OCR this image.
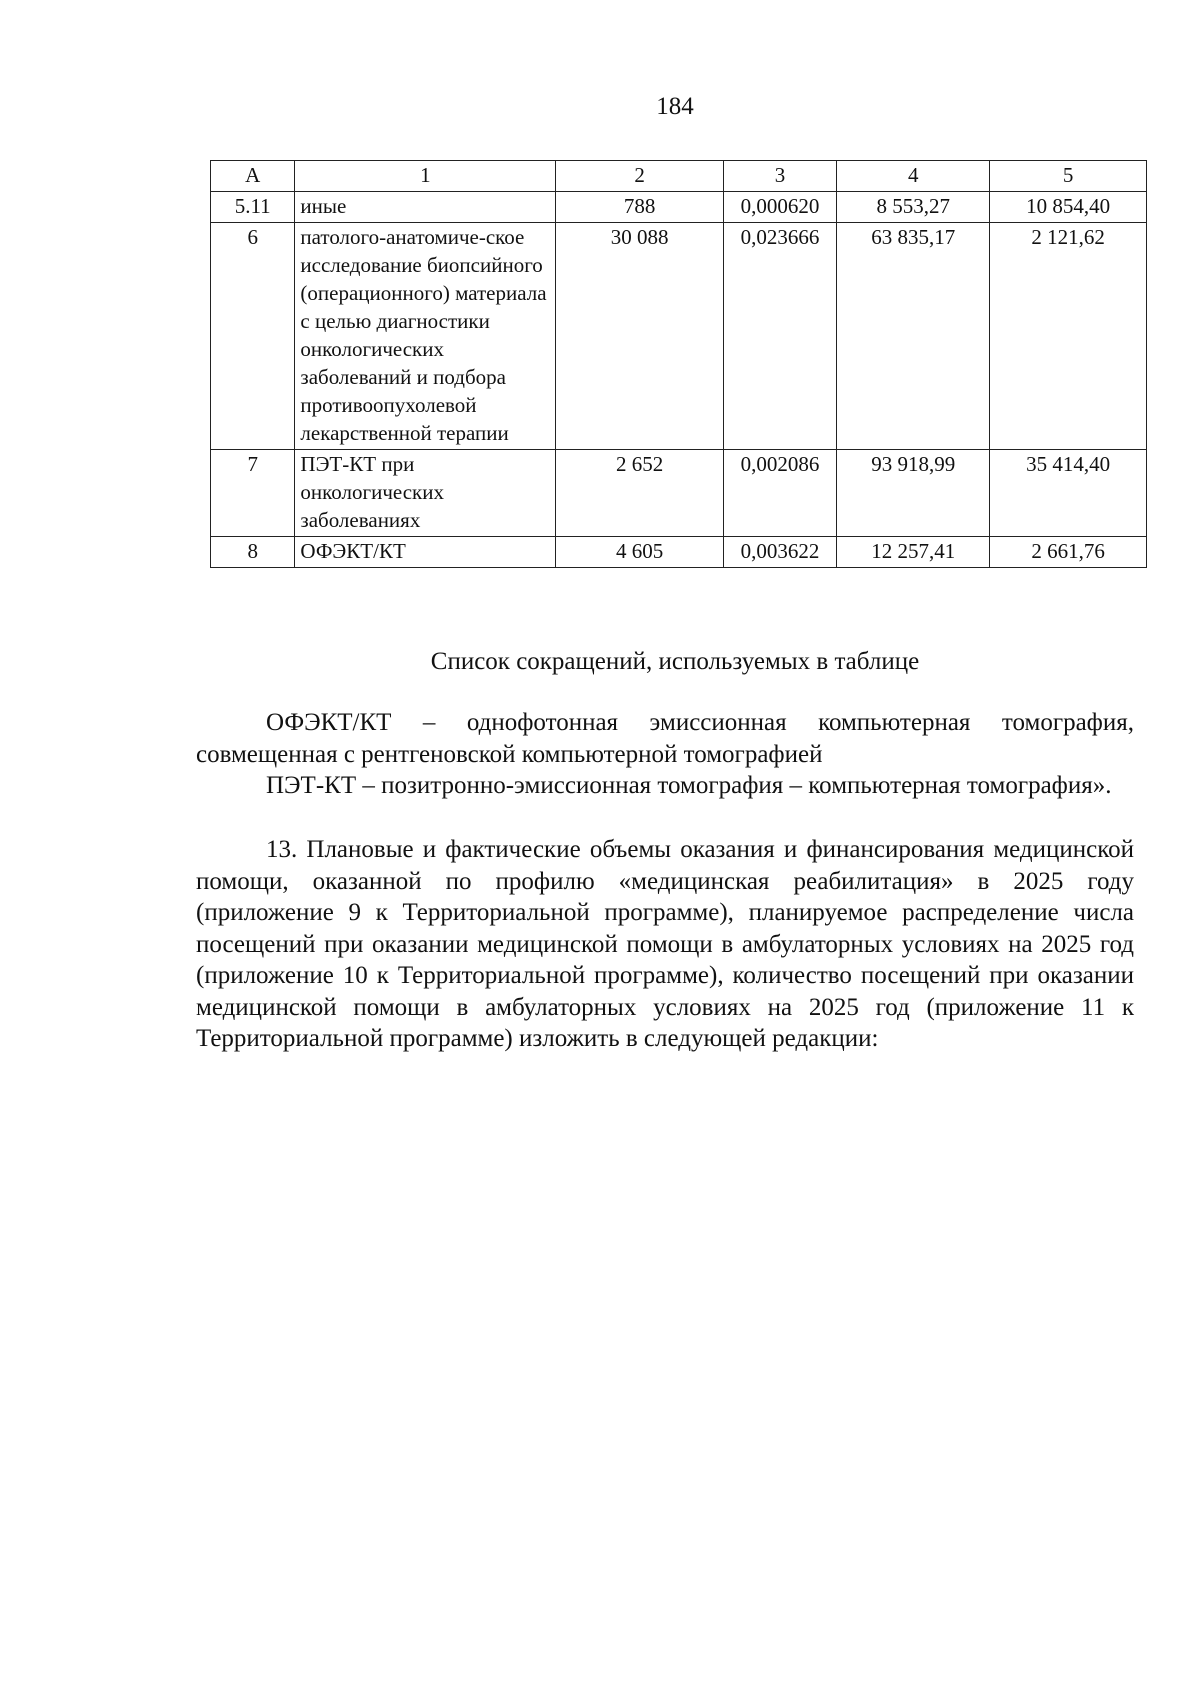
184
А	1	2	3	4	5
5.11	иные	788	0,000620	8 553,27	10 854,40
6	патолого-анатомиче-ское исследование биопсийного (операционного) материала с целью диагностики онкологических заболеваний и подбора противоопухолевой лекарственной терапии	30 088	0,023666	63 835,17	2 121,62
7	ПЭТ-КТ при онкологических заболеваниях	2 652	0,002086	93 918,99	35 414,40
8	ОФЭКТ/КТ	4 605	0,003622	12 257,41	2 661,76
Список сокращений, используемых в таблице

ОФЭКТ/КТ – однофотонная эмиссионная компьютерная томография, совмещенная с рентгеновской компьютерной томографией

ПЭТ-КТ – позитронно-эмиссионная томография – компьютерная томография».

13. Плановые и фактические объемы оказания и финансирования медицинской помощи, оказанной по профилю «медицинская реабилитация» в 2025 году (приложение 9 к Территориальной программе), планируемое распределение числа посещений при оказании медицинской помощи в амбулаторных условиях на 2025 год (приложение 10 к Территориальной программе), количество посещений при оказании медицинской помощи в амбулаторных условиях на 2025 год (приложение 11 к Территориальной программе) изложить в следующей редакции:
